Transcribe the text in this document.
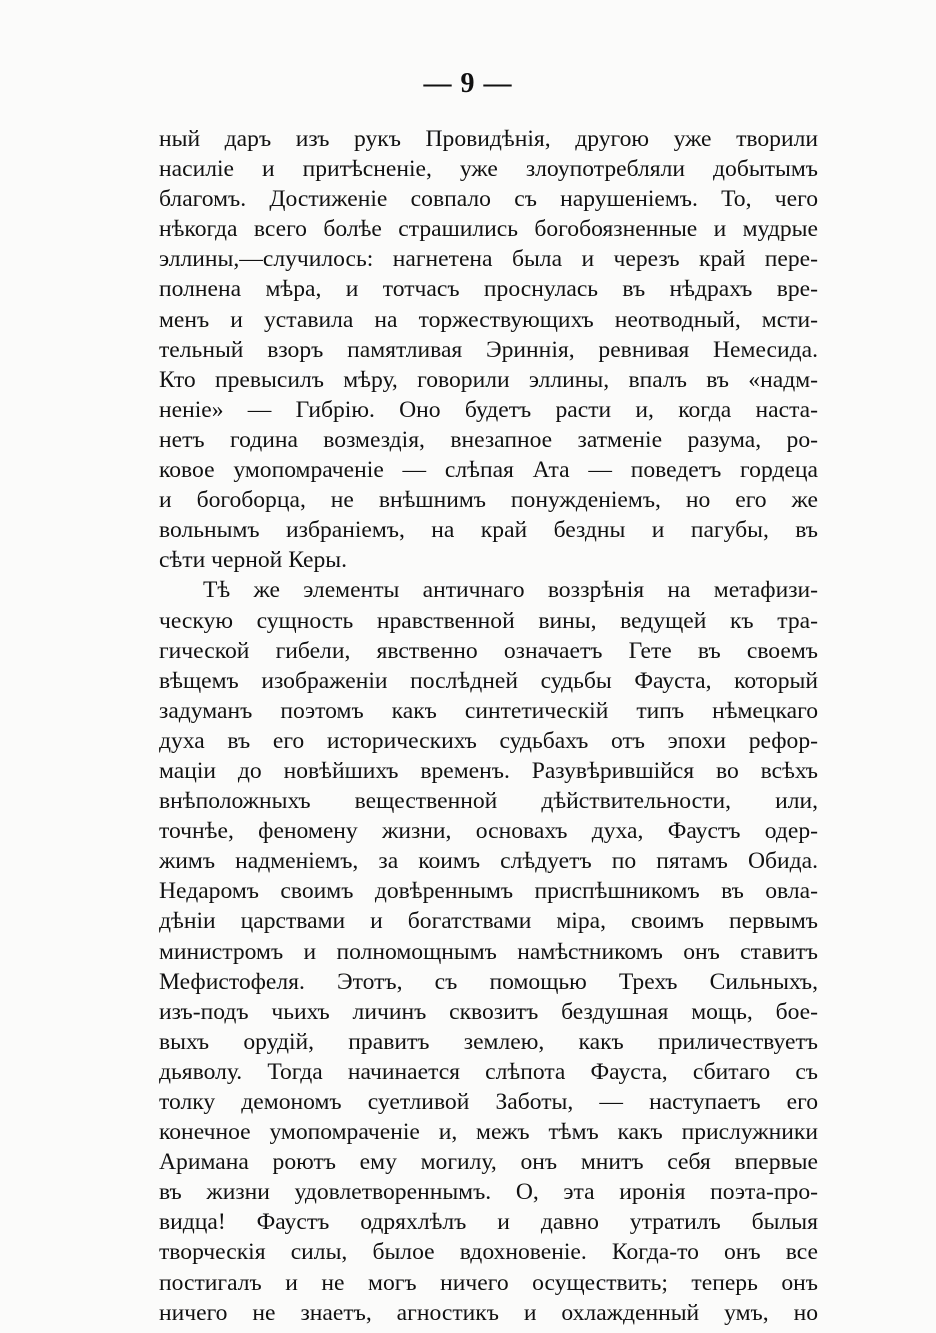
— 9 —
ный даръ изъ рукъ Провидѣнія, другою уже творили
насиліе и притѣсненіе, уже злоупотребляли добытымъ
благомъ. Достиженіе совпало съ нарушеніемъ. То, чего
нѣкогда всего болѣе страшились богобоязненные и мудрые
эллины,—случилось: нагнетена была и черезъ край пере-
полнена мѣра, и тотчасъ проснулась въ нѣдрахъ вре-
менъ и уставила на торжествующихъ неотводный, мсти-
тельный взоръ памятливая Эриннія, ревнивая Немесида.
Кто превысилъ мѣру, говорили эллины, впалъ въ «надм-
неніе» — Гибрію. Оно будетъ расти и, когда наста-
нетъ година возмездія, внезапное затменіе разума, ро-
ковое умопомраченіе — слѣпая Ата — поведетъ гордеца
и богоборца, не внѣшнимъ понужденіемъ, но его же
вольнымъ избраніемъ, на край бездны и пагубы, въ
сѣти черной Керы.
Тѣ же элементы античнаго воззрѣнія на метафизи-
ческую сущность нравственной вины, ведущей къ тра-
гической гибели, явственно означаетъ Гете въ своемъ
вѣщемъ изображеніи послѣдней судьбы Фауста, который
задуманъ поэтомъ какъ синтетическій типъ нѣмецкаго
духа въ его историческихъ судьбахъ отъ эпохи рефор-
маціи до новѣйшихъ временъ. Разувѣрившійся во всѣхъ
внѣположныхъ вещественной дѣйствительности, или,
точнѣе, феномену жизни, основахъ духа, Фаустъ одер-
жимъ надменіемъ, за коимъ слѣдуетъ по пятамъ Обида.
Недаромъ своимъ довѣреннымъ приспѣшникомъ въ овла-
дѣніи царствами и богатствами міра, своимъ первымъ
министромъ и полномощнымъ намѣстникомъ онъ ставитъ
Мефистофеля. Этотъ, съ помощью Трехъ Сильныхъ,
изъ-подъ чьихъ личинъ сквозитъ бездушная мощь, бое-
выхъ орудій, правитъ землею, какъ приличествуетъ
дьяволу. Тогда начинается слѣпота Фауста, сбитаго съ
толку демономъ суетливой Заботы, — наступаетъ его
конечное умопомраченіе и, межъ тѣмъ какъ прислужники
Аримана роютъ ему могилу, онъ мнитъ себя впервые
въ жизни удовлетвореннымъ. О, эта иронія поэта-про-
видца! Фаустъ одряхлѣлъ и давно утратилъ былыя
творческія силы, былое вдохновеніе. Когда-то онъ все
постигалъ и не могъ ничего осуществить; теперь онъ
ничего не знаетъ, агностикъ и охлажденный умъ, но
